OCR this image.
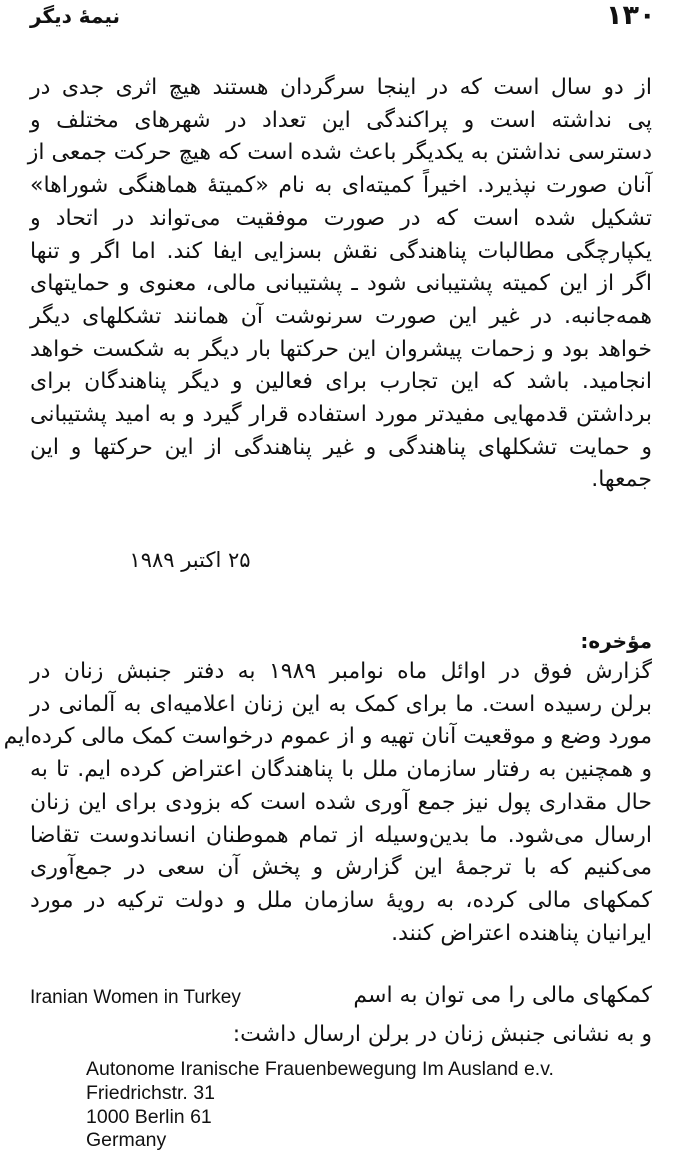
۱۳۰
نیمهٔ دیگر
از دو سال است که در اینجا سرگردان هستند هیچ اثری جدی در
پی نداشته است و پراکندگی این تعداد در شهرهای مختلف و
دسترسی نداشتن به یکدیگر باعث شده است که هیچ حرکت جمعی از
آنان صورت نپذیرد. اخیراً کمیته‌ای به نام «کمیتهٔ هماهنگی شوراها»
تشکیل شده است که در صورت موفقیت می‌تواند در اتحاد و
یکپارچگی مطالبات پناهندگی نقش بسزایی ایفا کند. اما اگر و تنها
اگر از این کمیته پشتیبانی شود ـ پشتیبانی مالی، معنوی و حمایتهای
همه‌جانبه. در غیر این صورت سرنوشت آن همانند تشکلهای دیگر
خواهد بود و زحمات پیشروان این حرکتها بار دیگر به شکست خواهد
انجامید. باشد که این تجارب برای فعالین و دیگر پناهندگان برای
برداشتن قدمهایی مفیدتر مورد استفاده قرار گیرد و به امید پشتیبانی
و حمایت تشکلهای پناهندگی و غیر پناهندگی از این حرکتها و این
جمعها.
۲۵ اکتبر ۱۹۸۹
مؤخره:
گزارش فوق در اوائل ماه نوامبر ۱۹۸۹ به دفتر جنبش زنان در
برلن رسیده است. ما برای کمک به این زنان اعلامیه‌ای به آلمانی در
مورد وضع و موقعیت آنان تهیه و از عموم درخواست کمک مالی کرده‌ایم
و همچنین به رفتار سازمان ملل با پناهندگان اعتراض کرده ایم. تا به
حال مقداری پول نیز جمع آوری شده است که بزودی برای این زنان
ارسال می‌شود. ما بدین‌وسیله از تمام هموطنان انساندوست تقاضا
می‌کنیم که با ترجمهٔ این گزارش و پخش آن سعی در جمع‌آوری
کمکهای مالی کرده، به رویهٔ سازمان ملل و دولت ترکیه در مورد
ایرانیان پناهنده اعتراض کنند.
کمکهای مالی را می توان به اسم
Iranian Women in Turkey
و به نشانی جنبش زنان در برلن ارسال داشت:
Autonome Iranische Frauenbewegung Im Ausland e.v.
Friedrichstr. 31
1000 Berlin 61
Germany
